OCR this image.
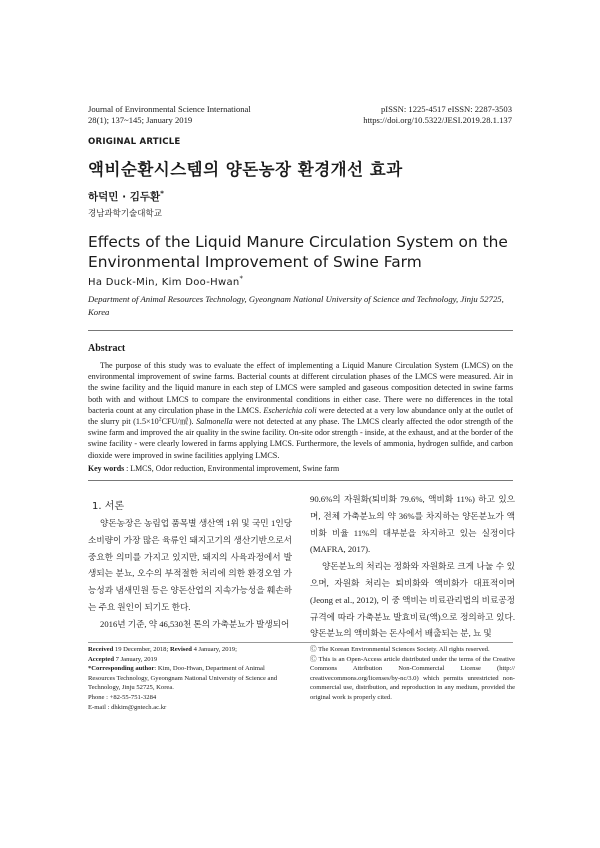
Journal of Environmental Science International
28(1); 137~145; January 2019
pISSN: 1225-4517 eISSN: 2287-3503
https://doi.org/10.5322/JESI.2019.28.1.137
ORIGINAL ARTICLE
액비순환시스템의 양돈농장 환경개선 효과
하덕민 · 김두환*
경남과학기술대학교
Effects of the Liquid Manure Circulation System on the Environmental Improvement of Swine Farm
Ha Duck-Min, Kim Doo-Hwan*
Department of Animal Resources Technology, Gyeongnam National University of Science and Technology, Jinju 52725, Korea
Abstract

The purpose of this study was to evaluate the effect of implementing a Liquid Manure Circulation System (LMCS) on the environmental improvement of swine farms. Bacterial counts at different circulation phases of the LMCS were measured. Air in the swine facility and the liquid manure in each step of LMCS were sampled and gaseous composition detected in swine farms both with and without LMCS to compare the environmental conditions in either case. There were no differences in the total bacteria count at any circulation phase in the LMCS. Escherichia coli were detected at a very low abundance only at the outlet of the slurry pit $(1.5\times 10^2CFU/㎖)$. Salmonella were not detected at any phase. The LMCS clearly affected the odor strength of the swine farm and improved the air quality in the swine facility. On-site odor strength - inside, at the exhaust, and at the border of the swine facility - were clearly lowered in farms applying LMCS. Furthermore, the levels of ammonia, hydrogen sulfide, and carbon dioxide were improved in swine facilities applying LMCS.

Key words : LMCS, Odor reduction, Environmental improvement, Swine farm
1. 서론

양돈농장은 농림업 품목별 생산액 1위 및 국민 1인당 소비량이 가장 많은 육류인 돼지고기의 생산기반으로서 중요한 의미를 가지고 있지만, 돼지의 사육과정에서 발생되는 분뇨, 오수의 부적절한 처리에 의한 환경오염 가능성과 냄새민원 등은 양돈산업의 지속가능성을 훼손하는 주요 원인이 되기도 한다.

2016년 기준, 약 46,530천 톤의 가축분뇨가 발생되어

90.6%의 자원화(퇴비화 79.6%, 액비화 11%) 하고 있으며, 전체 가축분뇨의 약 36%를 차지하는 양돈분뇨가 액비화 비율 11%의 대부분을 차지하고 있는 실정이다 (MAFRA, 2017).

양돈분뇨의 처리는 정화와 자원화로 크게 나눌 수 있으며, 자원화 처리는 퇴비화와 액비화가 대표적이며 (Jeong et al., 2012), 이 중 액비는 비료관리법의 비료공정규격에 따라 가축분뇨 발효비료(액)으로 정의하고 있다. 양돈분뇨의 액비화는 돈사에서 배출되는 분, 뇨 및

Received 19 December, 2018; Revised 4 January, 2019;
Accepted 7 January, 2019
*Corresponding author: Kim, Doo-Hwan, Department of Animal Resources Technology, Gyeongnam National University of Science and Technology, Jinju 52725, Korea.
Phone : +82-55-751-3284
E-mail : dhkim@gntech.ac.kr
Ⓒ The Korean Environmental Sciences Society. All rights reserved.
Ⓒ This is an Open-Access article distributed under the terms of the Creative Commons Attribution Non-Commercial License (http:// creativecommons.org/licenses/by-nc/3.0) which permits unrestricted non-commercial use, distribution, and reproduction in any medium, provided the original work is properly cited.
